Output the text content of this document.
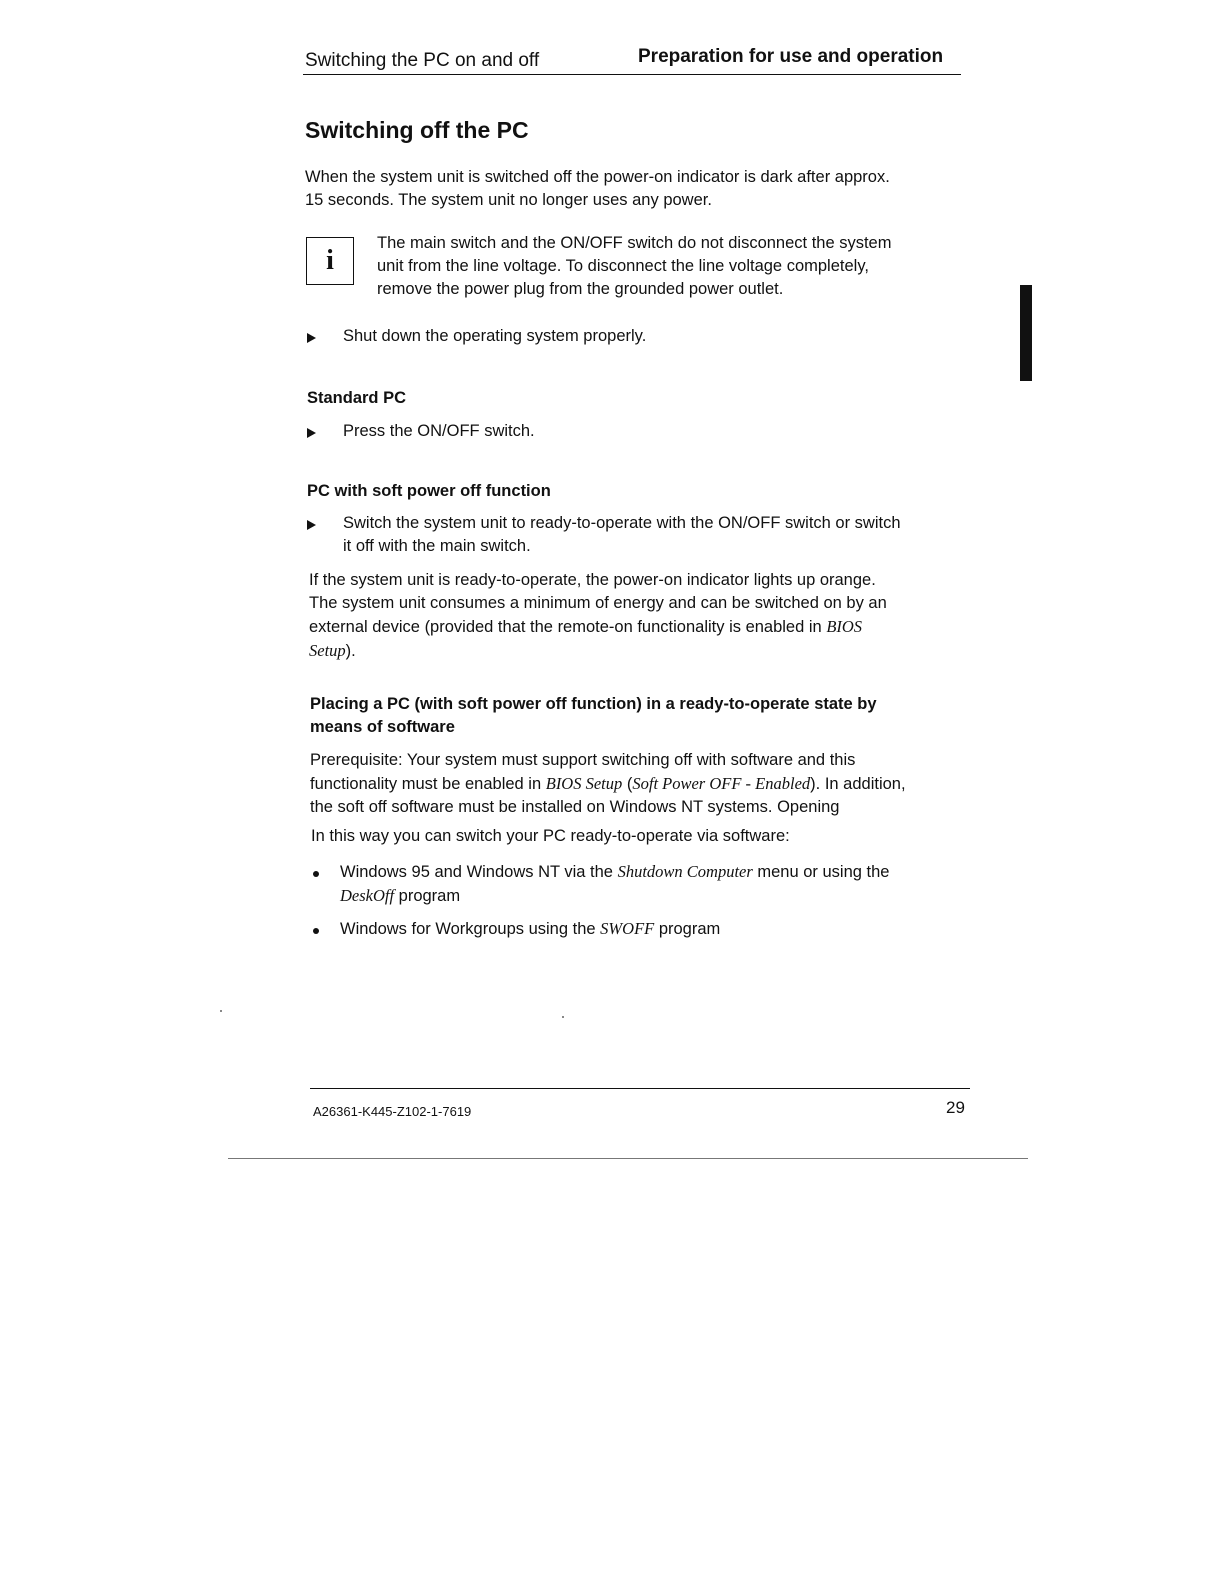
Switching the PC on and off	Preparation for use and operation
Switching off the PC
When the system unit is switched off the power-on indicator is dark after approx.
15 seconds. The system unit no longer uses any power.
i
The main switch and the ON/OFF switch do not disconnect the system
unit from the line voltage. To disconnect the line voltage completely,
remove the power plug from the grounded power outlet.
Shut down the operating system properly.
Standard PC
Press the ON/OFF switch.
PC with soft power off function
Switch the system unit to ready-to-operate with the ON/OFF switch or switch
it off with the main switch.
If the system unit is ready-to-operate, the power-on indicator lights up orange.
The system unit consumes a minimum of energy and can be switched on by an
external device (provided that the remote-on functionality is enabled in BIOS
Setup).
Placing a PC (with soft power off function) in a ready-to-operate state by
means of software
Prerequisite: Your system must support switching off with software and this
functionality must be enabled in BIOS Setup (Soft Power OFF - Enabled). In addition,
the soft off software must be installed on Windows NT systems. Opening
In this way you can switch your PC ready-to-operate via software:
Windows 95 and Windows NT via the Shutdown Computer menu or using the
DeskOff program
Windows for Workgroups using the SWOFF program
A26361-K445-Z102-1-7619	29
